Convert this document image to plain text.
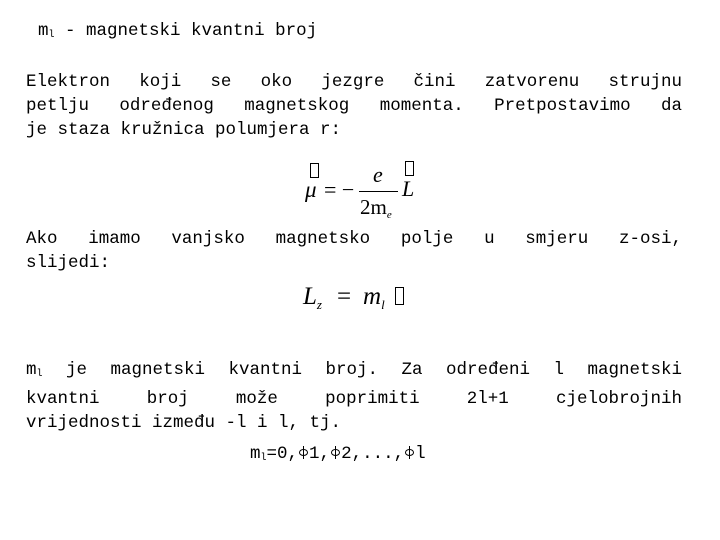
$m_l$ - magnetski kvantni broj
Elektron koji se oko jezgre čini zatvorenu strujnu
petlju određenog magnetskog momenta. Pretpostavimo da
je staza kružnica polumjera r:
μ = −
e
2me
L
Ako imamo vanjsko magnetsko polje u smjeru z-osi,
slijedi:
$L_z = m_l$
$m_l$ je magnetski kvantni broj. Za određeni l magnetski
kvantni broj može poprimiti 2l+1 cjelobrojnih
vrijednosti između -l i l, tj.
$m_l=0$, 1, 2,..., l
